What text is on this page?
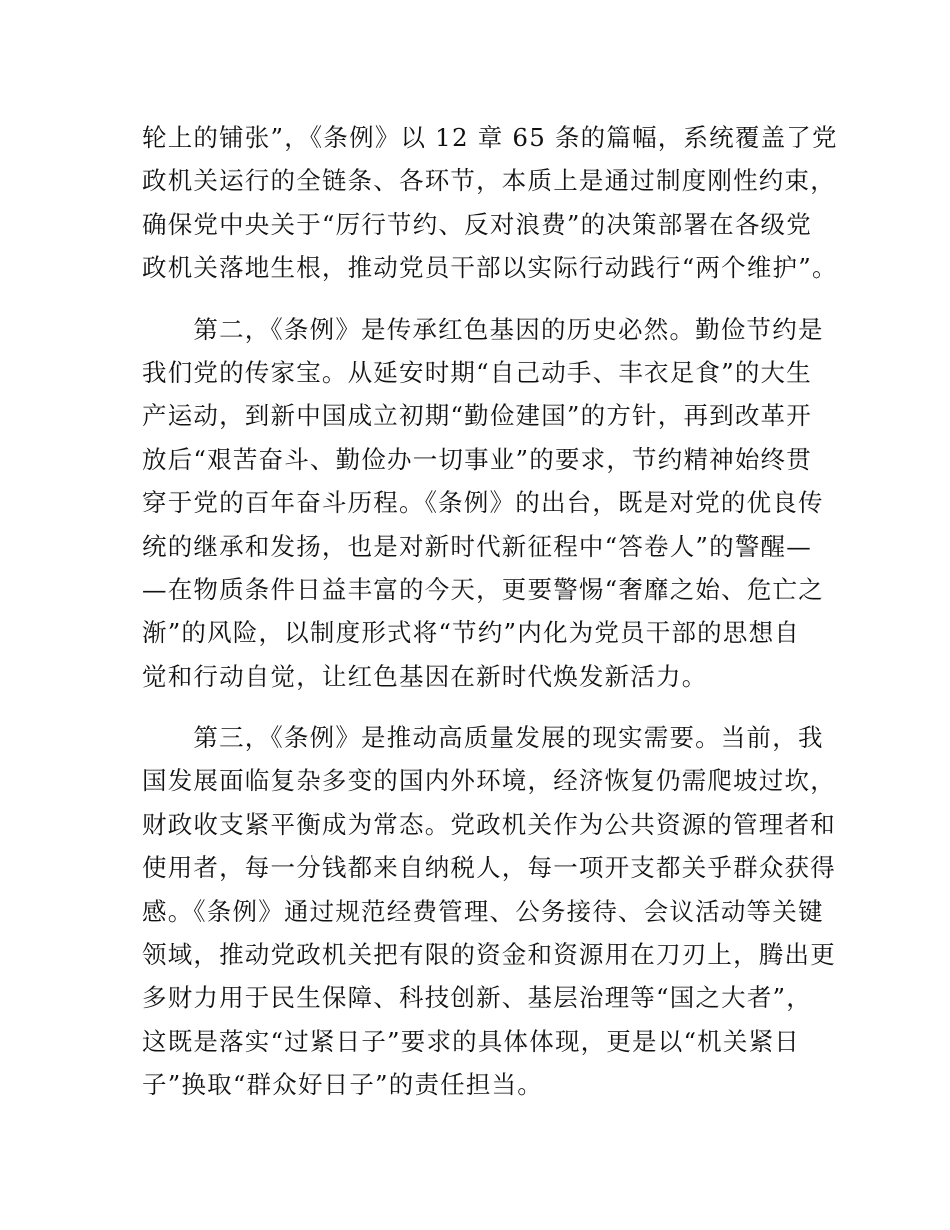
轮上的铺张”，《条例》以 12 章 65 条的篇幅，系统覆盖了党
政机关运行的全链条、各环节，本质上是通过制度刚性约束，
确保党中央关于“厉行节约、反对浪费”的决策部署在各级党
政机关落地生根，推动党员干部以实际行动践行“两个维护”。
　　第二，《条例》是传承红色基因的历史必然。勤俭节约是
我们党的传家宝。从延安时期“自己动手、丰衣足食”的大生
产运动，到新中国成立初期“勤俭建国”的方针，再到改革开
放后“艰苦奋斗、勤俭办一切事业”的要求，节约精神始终贯
穿于党的百年奋斗历程。《条例》的出台，既是对党的优良传
统的继承和发扬，也是对新时代新征程中“答卷人”的警醒—
—在物质条件日益丰富的今天，更要警惕“奢靡之始、危亡之
渐”的风险，以制度形式将“节约”内化为党员干部的思想自
觉和行动自觉，让红色基因在新时代焕发新活力。
　　第三，《条例》是推动高质量发展的现实需要。当前，我
国发展面临复杂多变的国内外环境，经济恢复仍需爬坡过坎，
财政收支紧平衡成为常态。党政机关作为公共资源的管理者和
使用者，每一分钱都来自纳税人，每一项开支都关乎群众获得
感。《条例》通过规范经费管理、公务接待、会议活动等关键
领域，推动党政机关把有限的资金和资源用在刀刃上，腾出更
多财力用于民生保障、科技创新、基层治理等“国之大者”，
这既是落实“过紧日子”要求的具体体现，更是以“机关紧日
子”换取“群众好日子”的责任担当。
